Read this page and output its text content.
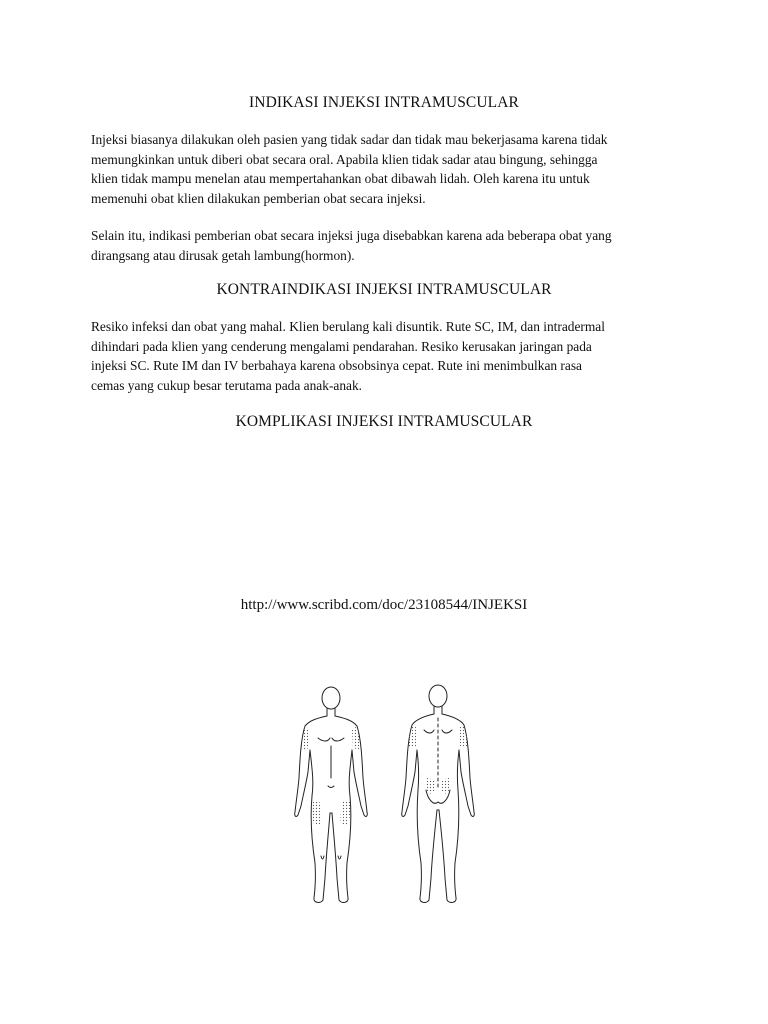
INDIKASI INJEKSI INTRAMUSCULAR

Injeksi biasanya dilakukan oleh pasien yang tidak sadar dan tidak mau bekerjasama karena tidak
memungkinkan untuk diberi obat secara oral. Apabila klien tidak sadar atau bingung, sehingga
klien tidak mampu menelan atau mempertahankan obat dibawah lidah. Oleh karena itu untuk
memenuhi obat klien dilakukan pemberian obat secara injeksi.

Selain itu, indikasi pemberian obat secara injeksi juga disebabkan karena ada beberapa obat yang
dirangsang atau dirusak getah lambung(hormon).

KONTRAINDIKASI INJEKSI INTRAMUSCULAR

Resiko infeksi dan obat yang mahal. Klien berulang kali disuntik. Rute SC, IM, dan intradermal
dihindari pada klien yang cenderung mengalami pendarahan. Resiko kerusakan jaringan pada
injeksi SC. Rute IM dan IV berbahaya karena obsobsinya cepat. Rute ini menimbulkan rasa
cemas yang cukup besar terutama pada anak-anak.

KOMPLIKASI INJEKSI INTRAMUSCULAR

http://www.scribd.com/doc/23108544/INJEKSI
